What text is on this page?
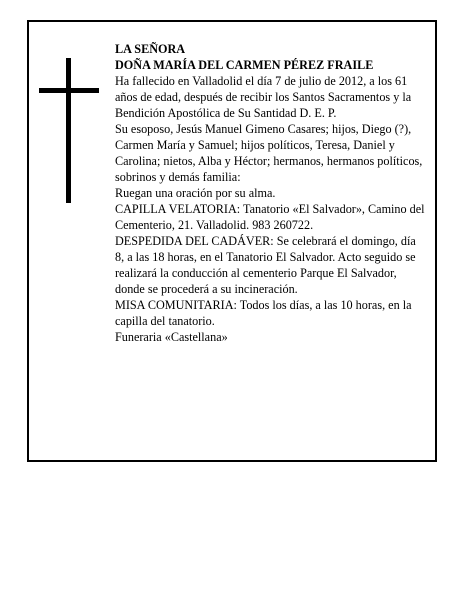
LA SEÑORA

DOÑA MARÍA DEL CARMEN PÉREZ FRAILE

Ha fallecido en Valladolid el día 7 de julio de 2012, a los 61 años de edad, después de recibir los Santos Sacramentos y la Bendición Apostólica de Su Santidad D. E. P.

Su esoposo, Jesús Manuel Gimeno Casares; hijos, Diego (?), Carmen María y Samuel; hijos políticos, Teresa, Daniel y Carolina; nietos, Alba y Héctor; hermanos, hermanos políticos, sobrinos y demás familia:

Ruegan una oración por su alma.

CAPILLA VELATORIA: Tanatorio «El Salvador», Camino del Cementerio, 21. Valladolid. 983 260722.

DESPEDIDA DEL CADÁVER: Se celebrará el domingo, día 8, a las 18 horas, en el Tanatorio El Salvador. Acto seguido se realizará la conducción al cementerio Parque El Salvador, donde se procederá a su incineración.

MISA COMUNITARIA: Todos los días, a las 10 horas, en la capilla del tanatorio.

Funeraria «Castellana»
